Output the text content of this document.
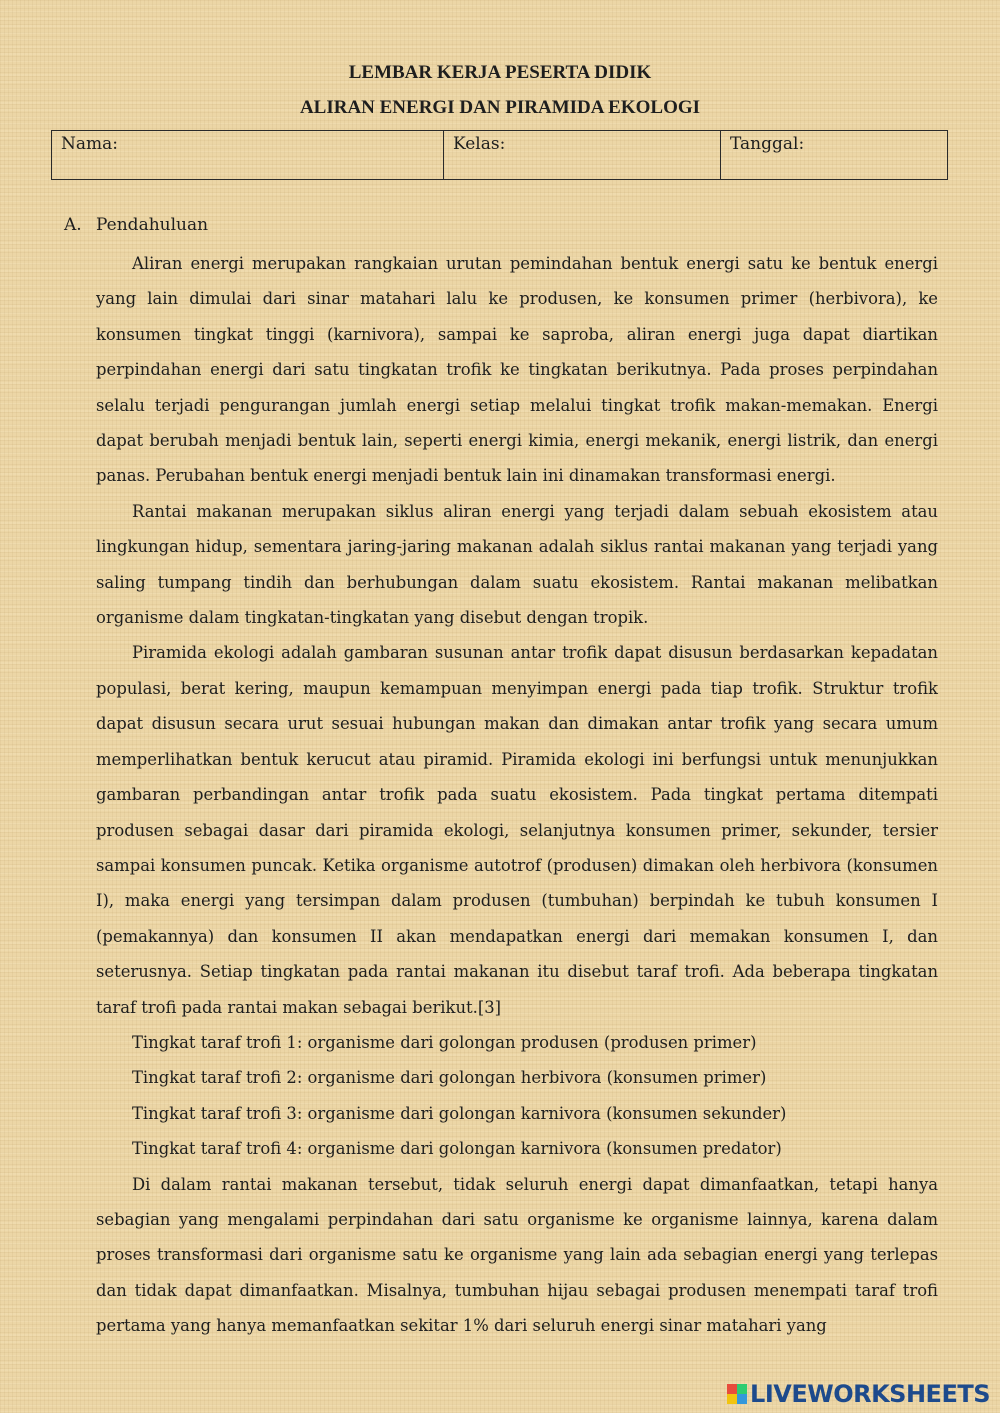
LEMBAR KERJA PESERTA DIDIK
ALIRAN ENERGI DAN PIRAMIDA EKOLOGI
Nama:	Kelas:	Tanggal:
A. Pendahuluan

Aliran energi merupakan rangkaian urutan pemindahan bentuk energi satu ke bentuk energi yang lain dimulai dari sinar matahari lalu ke produsen, ke konsumen primer (herbivora), ke konsumen tingkat tinggi (karnivora), sampai ke saproba, aliran energi juga dapat diartikan perpindahan energi dari satu tingkatan trofik ke tingkatan berikutnya. Pada proses perpindahan selalu terjadi pengurangan jumlah energi setiap melalui tingkat trofik makan-memakan. Energi dapat berubah menjadi bentuk lain, seperti energi kimia, energi mekanik, energi listrik, dan energi panas. Perubahan bentuk energi menjadi bentuk lain ini dinamakan transformasi energi.

Rantai makanan merupakan siklus aliran energi yang terjadi dalam sebuah ekosistem atau lingkungan hidup, sementara jaring-jaring makanan adalah siklus rantai makanan yang terjadi yang saling tumpang tindih dan berhubungan dalam suatu ekosistem. Rantai makanan melibatkan organisme dalam tingkatan-tingkatan yang disebut dengan tropik.

Piramida ekologi adalah gambaran susunan antar trofik dapat disusun berdasarkan kepadatan populasi, berat kering, maupun kemampuan menyimpan energi pada tiap trofik. Struktur trofik dapat disusun secara urut sesuai hubungan makan dan dimakan antar trofik yang secara umum memperlihatkan bentuk kerucut atau piramid. Piramida ekologi ini berfungsi untuk menunjukkan gambaran perbandingan antar trofik pada suatu ekosistem. Pada tingkat pertama ditempati produsen sebagai dasar dari piramida ekologi, selanjutnya konsumen primer, sekunder, tersier sampai konsumen puncak. Ketika organisme autotrof (produsen) dimakan oleh herbivora (konsumen I), maka energi yang tersimpan dalam produsen (tumbuhan) berpindah ke tubuh konsumen I (pemakannya) dan konsumen II akan mendapatkan energi dari memakan konsumen I, dan seterusnya. Setiap tingkatan pada rantai makanan itu disebut taraf trofi. Ada beberapa tingkatan taraf trofi pada rantai makan sebagai berikut.[3]

Tingkat taraf trofi 1: organisme dari golongan produsen (produsen primer)

Tingkat taraf trofi 2: organisme dari golongan herbivora (konsumen primer)

Tingkat taraf trofi 3: organisme dari golongan karnivora (konsumen sekunder)

Tingkat taraf trofi 4: organisme dari golongan karnivora (konsumen predator)

Di dalam rantai makanan tersebut, tidak seluruh energi dapat dimanfaatkan, tetapi hanya sebagian yang mengalami perpindahan dari satu organisme ke organisme lainnya, karena dalam proses transformasi dari organisme satu ke organisme yang lain ada sebagian energi yang terlepas dan tidak dapat dimanfaatkan. Misalnya, tumbuhan hijau sebagai produsen menempati taraf trofi pertama yang hanya memanfaatkan sekitar 1% dari seluruh energi sinar matahari yang

LIVEWORKSHEETS
